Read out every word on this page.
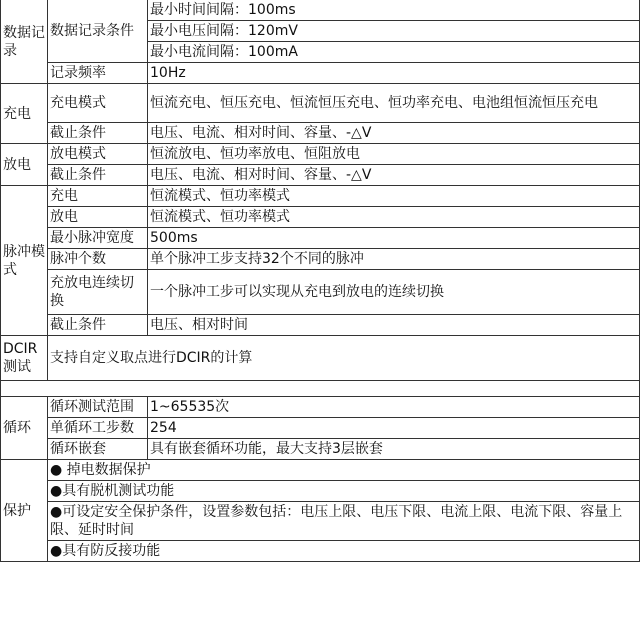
数据记录	数据记录条件	最小时间间隔：100ms
		最小电压间隔：120mV
		最小电流间隔：100mA
	记录频率	10Hz
充电	充电模式	恒流充电、恒压充电、恒流恒压充电、恒功率充电、电池组恒流恒压充电
	截止条件	电压、电流、相对时间、容量、-△V
放电	放电模式	恒流放电、恒功率放电、恒阻放电
	截止条件	电压、电流、相对时间、容量、-△V
脉冲模式	充电	恒流模式、恒功率模式
	放电	恒流模式、恒功率模式
	最小脉冲宽度	500ms
	脉冲个数	单个脉冲工步支持32个不同的脉冲
	充放电连续切换	一个脉冲工步可以实现从充电到放电的连续切换
	截止条件	电压、相对时间
DCIR测试	支持自定义取点进行DCIR的计算	

循环	循环测试范围	1~65535次
	单循环工步数	254
	循环嵌套	具有嵌套循环功能，最大支持3层嵌套
保护	● 掉电数据保护	
	●具有脱机测试功能	
	●可设定安全保护条件，设置参数包括：电压上限、电压下限、电流上限、电流下限、容量上限、延时时间	
	●具有防反接功能	
